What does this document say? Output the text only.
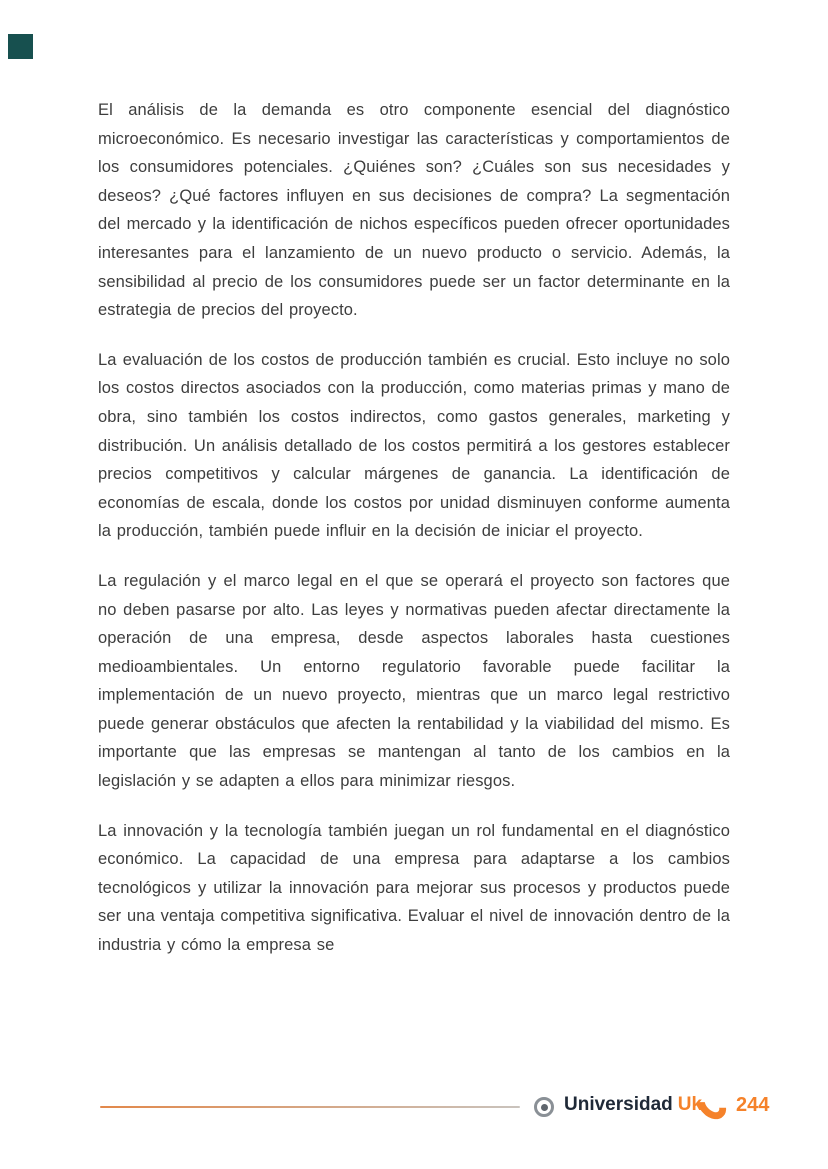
El análisis de la demanda es otro componente esencial del diagnóstico microeconómico. Es necesario investigar las características y comportamientos de los consumidores potenciales. ¿Quiénes son? ¿Cuáles son sus necesidades y deseos? ¿Qué factores influyen en sus decisiones de compra? La segmentación del mercado y la identificación de nichos específicos pueden ofrecer oportunidades interesantes para el lanzamiento de un nuevo producto o servicio. Además, la sensibilidad al precio de los consumidores puede ser un factor determinante en la estrategia de precios del proyecto.

La evaluación de los costos de producción también es crucial. Esto incluye no solo los costos directos asociados con la producción, como materias primas y mano de obra, sino también los costos indirectos, como gastos generales, marketing y distribución. Un análisis detallado de los costos permitirá a los gestores establecer precios competitivos y calcular márgenes de ganancia. La identificación de economías de escala, donde los costos por unidad disminuyen conforme aumenta la producción, también puede influir en la decisión de iniciar el proyecto.

La regulación y el marco legal en el que se operará el proyecto son factores que no deben pasarse por alto. Las leyes y normativas pueden afectar directamente la operación de una empresa, desde aspectos laborales hasta cuestiones medioambientales. Un entorno regulatorio favorable puede facilitar la implementación de un nuevo proyecto, mientras que un marco legal restrictivo puede generar obstáculos que afecten la rentabilidad y la viabilidad del mismo. Es importante que las empresas se mantengan al tanto de los cambios en la legislación y se adapten a ellos para minimizar riesgos.

La innovación y la tecnología también juegan un rol fundamental en el diagnóstico económico. La capacidad de una empresa para adaptarse a los cambios tecnológicos y utilizar la innovación para mejorar sus procesos y productos puede ser una ventaja competitiva significativa. Evaluar el nivel de innovación dentro de la industria y cómo la empresa se

Universidad Uk 244
